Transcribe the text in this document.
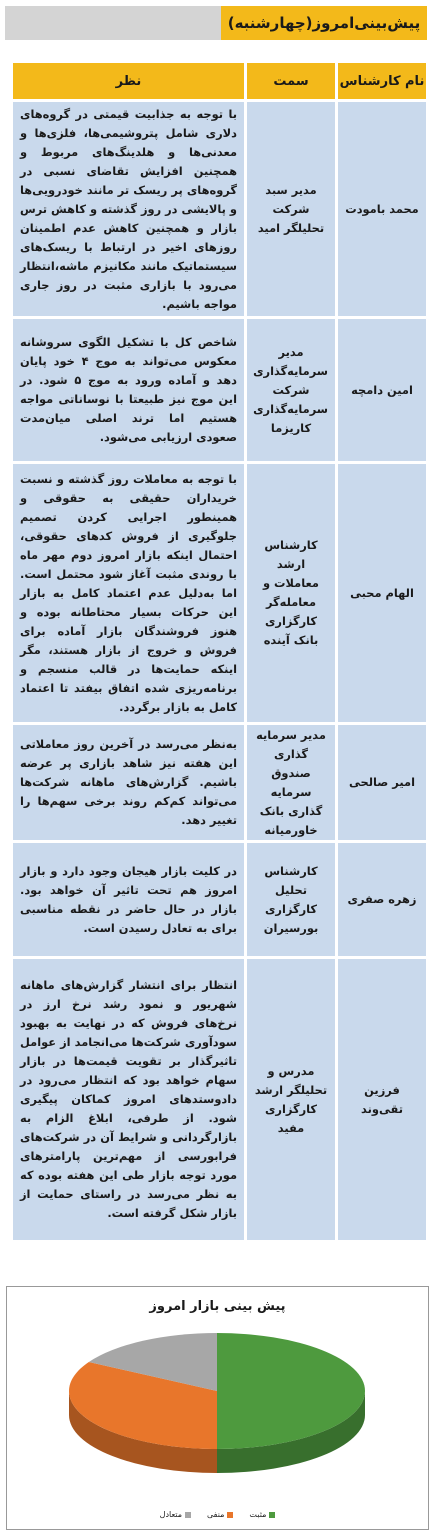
پیش‌بینی‌امروز(چهارشنبه)
نام کارشناس	سمت	نظر
محمد بامودت	مدیر سبد شرکت تحلیلگر امید	با توجه به جذابیت قیمتی در گروه‌های دلاری شامل پتروشیمی‌ها، فلزی‌ها و معدنی‌ها و هلدینگ‌های مربوط و همچنین افزایش تقاضای نسبی در گروه‌های پر ریسک تر مانند خودرویی‌ها و پالایشی در روز گذشته و کاهش ترس بازار و همچنین کاهش عدم اطمینان روزهای اخیر در ارتباط با ریسک‌های سیستماتیک مانند مکانیزم ماشه،انتظار می‌رود با بازاری مثبت در روز جاری مواجه باشیم.
امین دامچه	مدیر سرمایه‌گذاری شرکت سرمایه‌گذاری کاریزما	شاخص کل با تشکیل الگوی سروشانه معکوس می‌تواند به موج ۴ خود پایان دهد و آماده ورود به موج ۵ شود. در این موج نیز طبیعتا با نوساناتی مواجه هستیم اما ترند اصلی میان‌مدت صعودی ارزیابی می‌شود.
الهام محبی	کارشناس ارشد معاملات و معامله‌گر کارگزاری بانک آینده	با توجه به معاملات روز گذشته و نسبت خریداران حقیقی به حقوقی و همینطور اجرایی کردن تصمیم جلوگیری از فروش کدهای حقوقی، احتمال اینکه بازار امروز دوم مهر ماه با روندی مثبت آغاز شود محتمل است. اما به‌دلیل عدم اعتماد کامل به بازار این حرکات بسیار محتاطانه بوده و هنوز فروشندگان بازار آماده برای فروش و خروج از بازار هستند، مگر اینکه حمایت‌ها در قالب منسجم و برنامه‌ریزی شده اتفاق بیفتد تا اعتماد کامل به بازار برگردد.
امیر صالحی	مدیر سرمایه گذاری صندوق سرمایه گذاری بانک خاورمیانه	به‌نظر می‌رسد در آخرین روز معاملاتی این هفته نیز شاهد بازاری پر عرضه باشیم. گزارش‌های ماهانه شرکت‌ها می‌تواند کم‌کم روند برخی سهم‌ها را تغییر دهد.
زهره صفری	کارشناس تحلیل کارگزاری بورسیران	در کلیت بازار هیجان وجود دارد و بازار امروز هم تحت تاثیر آن خواهد بود. بازار در حال حاضر در نقطه مناسبی برای به تعادل رسیدن است.
فرزین تقی‌وند	مدرس و تحلیلگر ارشد کارگزاری مفید	انتظار برای انتشار گزارش‌های ماهانه شهریور و نمود رشد نرخ ارز در نرخ‌های فروش که در نهایت به بهبود سودآوری شرکت‌ها می‌انجامد از عوامل تاثیرگذار بر تقویت قیمت‌ها در بازار سهام خواهد بود که انتظار می‌رود در دادوستدهای امروز کماکان پیگیری شود. از طرفی، ابلاغ الزام به بازارگردانی و شرایط آن در شرکت‌های فرابورسی از مهم‌ترین پارامترهای مورد توجه بازار طی این هفته بوده که به نظر می‌رسد در راستای حمایت از بازار شکل گرفته است.
پیش بینی بازار امروز
مثبت
منفی
متعادل
